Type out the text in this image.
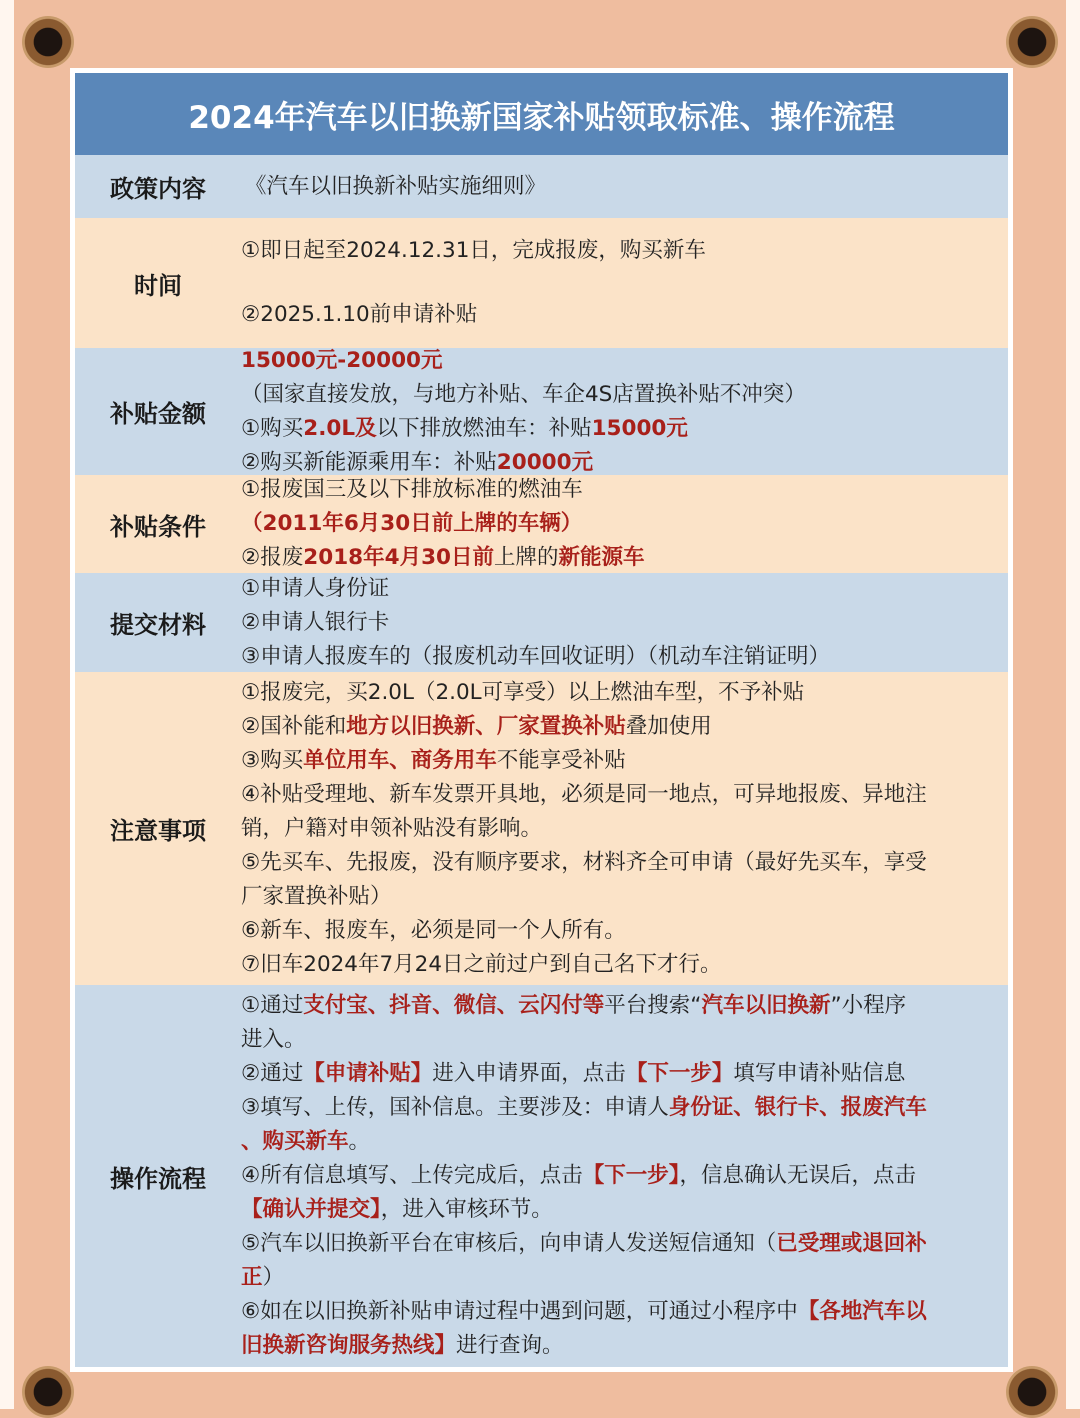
2024年汽车以旧换新国家补贴领取标准、操作流程
政策内容	《汽车以旧换新补贴实施细则》
时间
①即日起至2024.12.31日，完成报废，购买新车
②2025.1.10前申请补贴
补贴金额
15000元-20000元
（国家直接发放，与地方补贴、车企4S店置换补贴不冲突）
①购买2.0L及以下排放燃油车：补贴15000元
②购买新能源乘用车：补贴20000元
补贴条件
①报废国三及以下排放标准的燃油车
（2011年6月30日前上牌的车辆）
②报废2018年4月30日前上牌的新能源车
提交材料
①申请人身份证
②申请人银行卡
③申请人报废车的（报废机动车回收证明）（机动车注销证明）
注意事项
①报废完，买2.0L（2.0L可享受）以上燃油车型，不予补贴
②国补能和地方以旧换新、厂家置换补贴叠加使用
③购买单位用车、商务用车不能享受补贴
④补贴受理地、新车发票开具地，必须是同一地点，可异地报废、异地注
销，户籍对申领补贴没有影响。
⑤先买车、先报废，没有顺序要求，材料齐全可申请（最好先买车，享受
厂家置换补贴）
⑥新车、报废车，必须是同一个人所有。
⑦旧车2024年7月24日之前过户到自己名下才行。
操作流程
①通过支付宝、抖音、微信、云闪付等平台搜索“汽车以旧换新”小程序
进入。
②通过【申请补贴】进入申请界面，点击【下一步】填写申请补贴信息
③填写、上传，国补信息。主要涉及：申请人身份证、银行卡、报废汽车
、购买新车。
④所有信息填写、上传完成后，点击【下一步】，信息确认无误后，点击
【确认并提交】，进入审核环节。
⑤汽车以旧换新平台在审核后，向申请人发送短信通知（已受理或退回补
正）
⑥如在以旧换新补贴申请过程中遇到问题，可通过小程序中【各地汽车以
旧换新咨询服务热线】进行查询。
